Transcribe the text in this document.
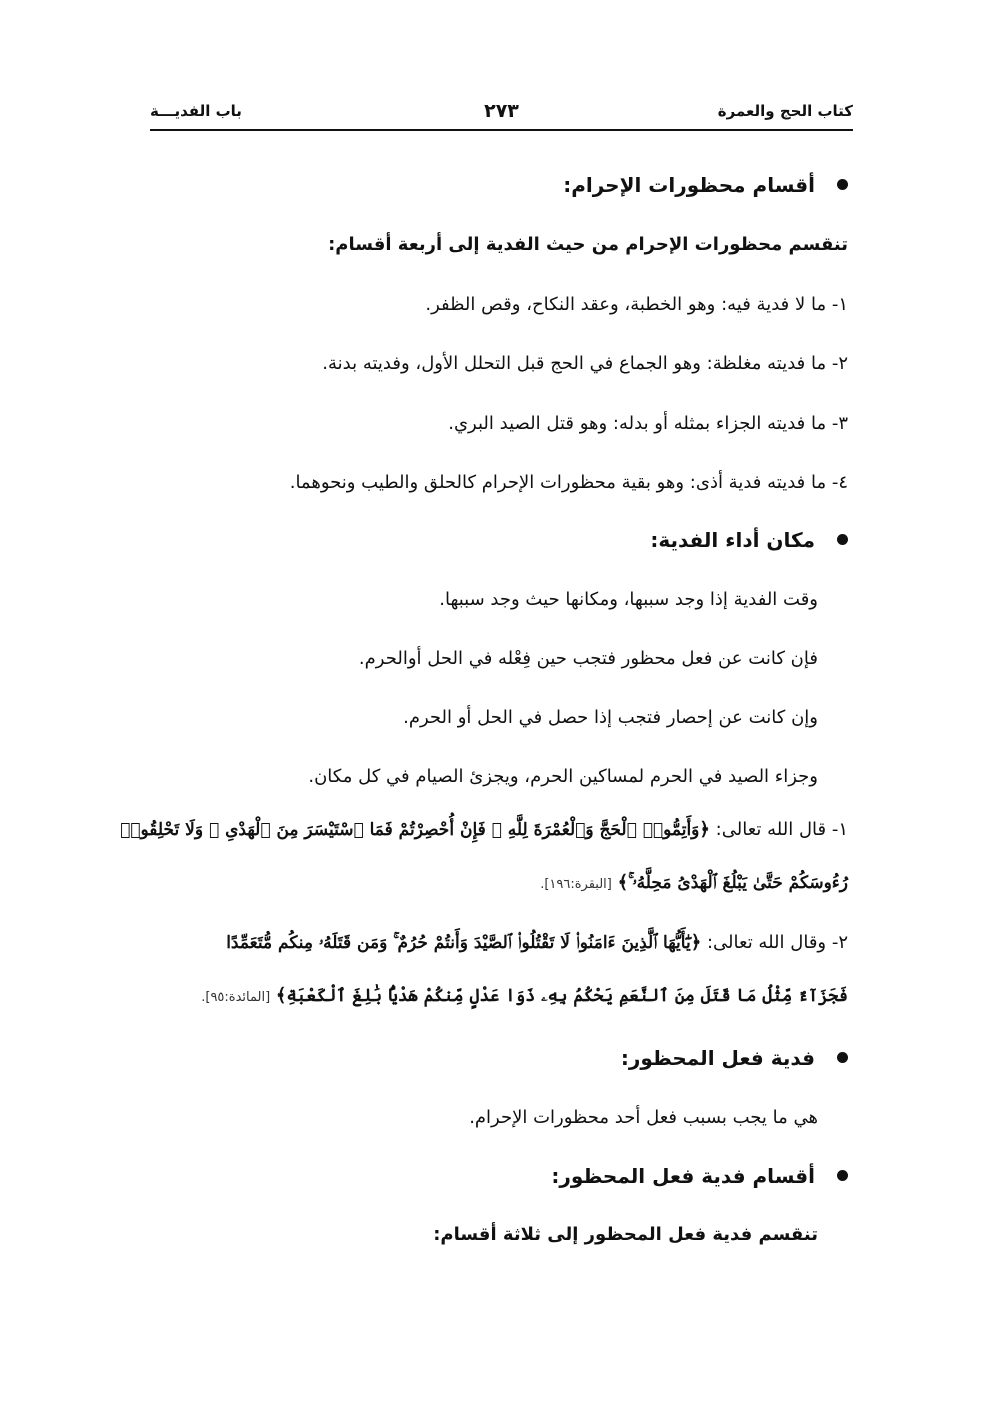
كتاب الحج والعمرة
٢٧٣
باب الفديـــة
أقسام محظورات الإحرام:
تنقسم محظورات الإحرام من حيث الفدية إلى أربعة أقسام:
١- ما لا فدية فيه: وهو الخطبة، وعقد النكاح، وقص الظفر.
٢- ما فديته مغلظة: وهو الجماع في الحج قبل التحلل الأول، وفديته بدنة.
٣- ما فديته الجزاء بمثله أو بدله: وهو قتل الصيد البري.
٤- ما فديته فدية أذى: وهو بقية محظورات الإحرام كالحلق والطيب ونحوهما.
مكان أداء الفدية:
وقت الفدية إذا وجد سببها، ومكانها حيث وجد سببها.
فإن كانت عن فعل محظور فتجب حين فِعْله في الحل أوالحرم.
وإن كانت عن إحصار فتجب إذا حصل في الحل أو الحرم.
وجزاء الصيد في الحرم لمساكين الحرم، ويجزئ الصيام في كل مكان.
١- قال الله تعالى: ﴿وَأَتِمُّوا۟ ٱلْحَجَّ وَٱلْعُمْرَةَ لِلَّهِ ۚ فَإِنْ أُحْصِرْتُمْ فَمَا ٱسْتَيْسَرَ مِنَ ٱلْهَدْىِ ۖ وَلَا تَحْلِقُوا۟
رُءُوسَكُمْ حَتَّىٰ يَبْلُغَ ٱلْهَدْىُ مَحِلَّهُۥ ۚ﴾ [البقرة:١٩٦].
٢- وقال الله تعالى: ﴿يَٰٓأَيُّهَا ٱلَّذِينَ ءَامَنُوا۟ لَا تَقْتُلُوا۟ ٱلصَّيْدَ وَأَنتُمْ حُرُمٌ ۚ وَمَن قَتَلَهُۥ مِنكُم مُّتَعَمِّدًا
فَجَزَآءٌ مِّثْلُ مَا قَتَلَ مِنَ ٱلنَّعَمِ يَحْكُمُ بِهِۦ ذَوَا عَدْلٍ مِّنكُمْ هَدْيًۢا بَٰلِغَ ٱلْكَعْبَةِ﴾ [المائدة:٩٥].
فدية فعل المحظور:
هي ما يجب بسبب فعل أحد محظورات الإحرام.
أقسام فدية فعل المحظور:
تنقسم فدية فعل المحظور إلى ثلاثة أقسام:
